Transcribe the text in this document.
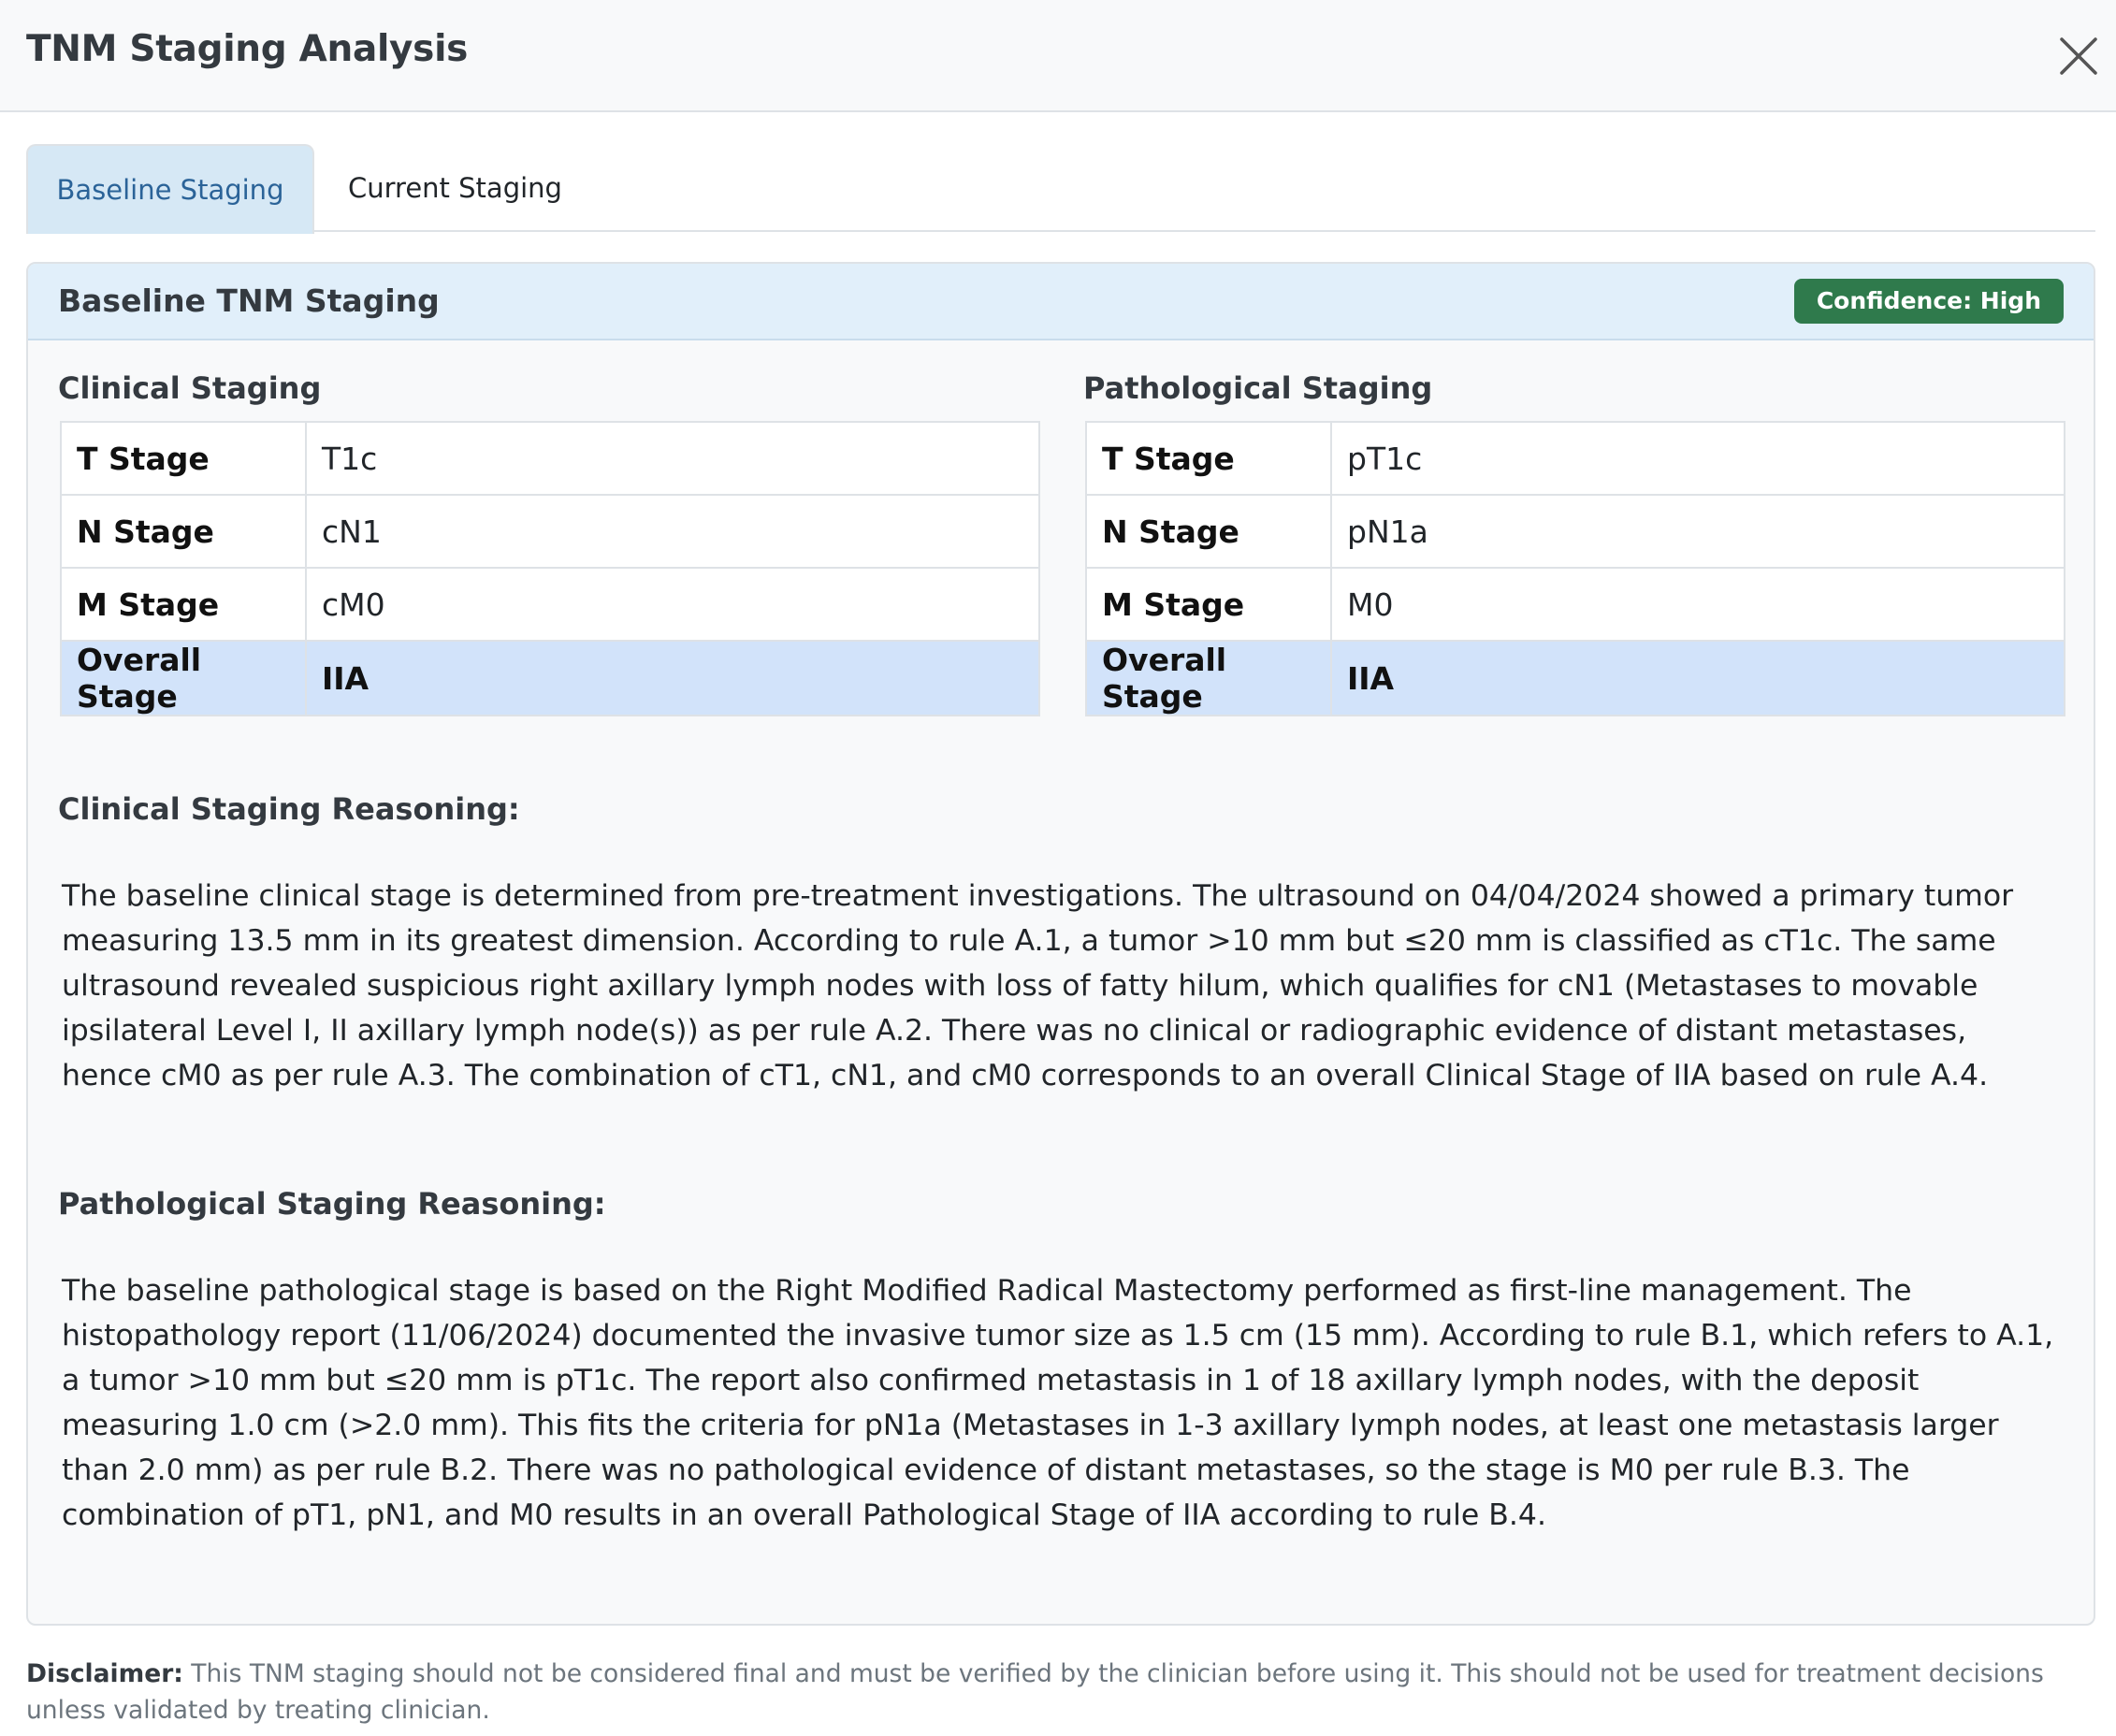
TNM Staging Analysis
Baseline Staging	Current Staging
Baseline TNM Staging	Confidence: High
Clinical Staging
T Stage	T1c
N Stage	cN1
M Stage	cM0
Overall Stage	IIA
Pathological Staging
T Stage	pT1c
N Stage	pN1a
M Stage	M0
Overall Stage	IIA
Clinical Staging Reasoning:

The baseline clinical stage is determined from pre-treatment investigations. The ultrasound on 04/04/2024 showed a primary tumor measuring 13.5 mm in its greatest dimension. According to rule A.1, a tumor >10 mm but ≤20 mm is classified as cT1c. The same ultrasound revealed suspicious right axillary lymph nodes with loss of fatty hilum, which qualifies for cN1 (Metastases to movable ipsilateral Level I, II axillary lymph node(s)) as per rule A.2. There was no clinical or radiographic evidence of distant metastases, hence cM0 as per rule A.3. The combination of cT1, cN1, and cM0 corresponds to an overall Clinical Stage of IIA based on rule A.4.

Pathological Staging Reasoning:

The baseline pathological stage is based on the Right Modified Radical Mastectomy performed as first-line management. The histopathology report (11/06/2024) documented the invasive tumor size as 1.5 cm (15 mm). According to rule B.1, which refers to A.1, a tumor >10 mm but ≤20 mm is pT1c. The report also confirmed metastasis in 1 of 18 axillary lymph nodes, with the deposit measuring 1.0 cm (>2.0 mm). This fits the criteria for pN1a (Metastases in 1-3 axillary lymph nodes, at least one metastasis larger than 2.0 mm) as per rule B.2. There was no pathological evidence of distant metastases, so the stage is M0 per rule B.3. The combination of pT1, pN1, and M0 results in an overall Pathological Stage of IIA according to rule B.4.

Disclaimer: This TNM staging should not be considered final and must be verified by the clinician before using it. This should not be used for treatment decisions unless validated by treating clinician.
